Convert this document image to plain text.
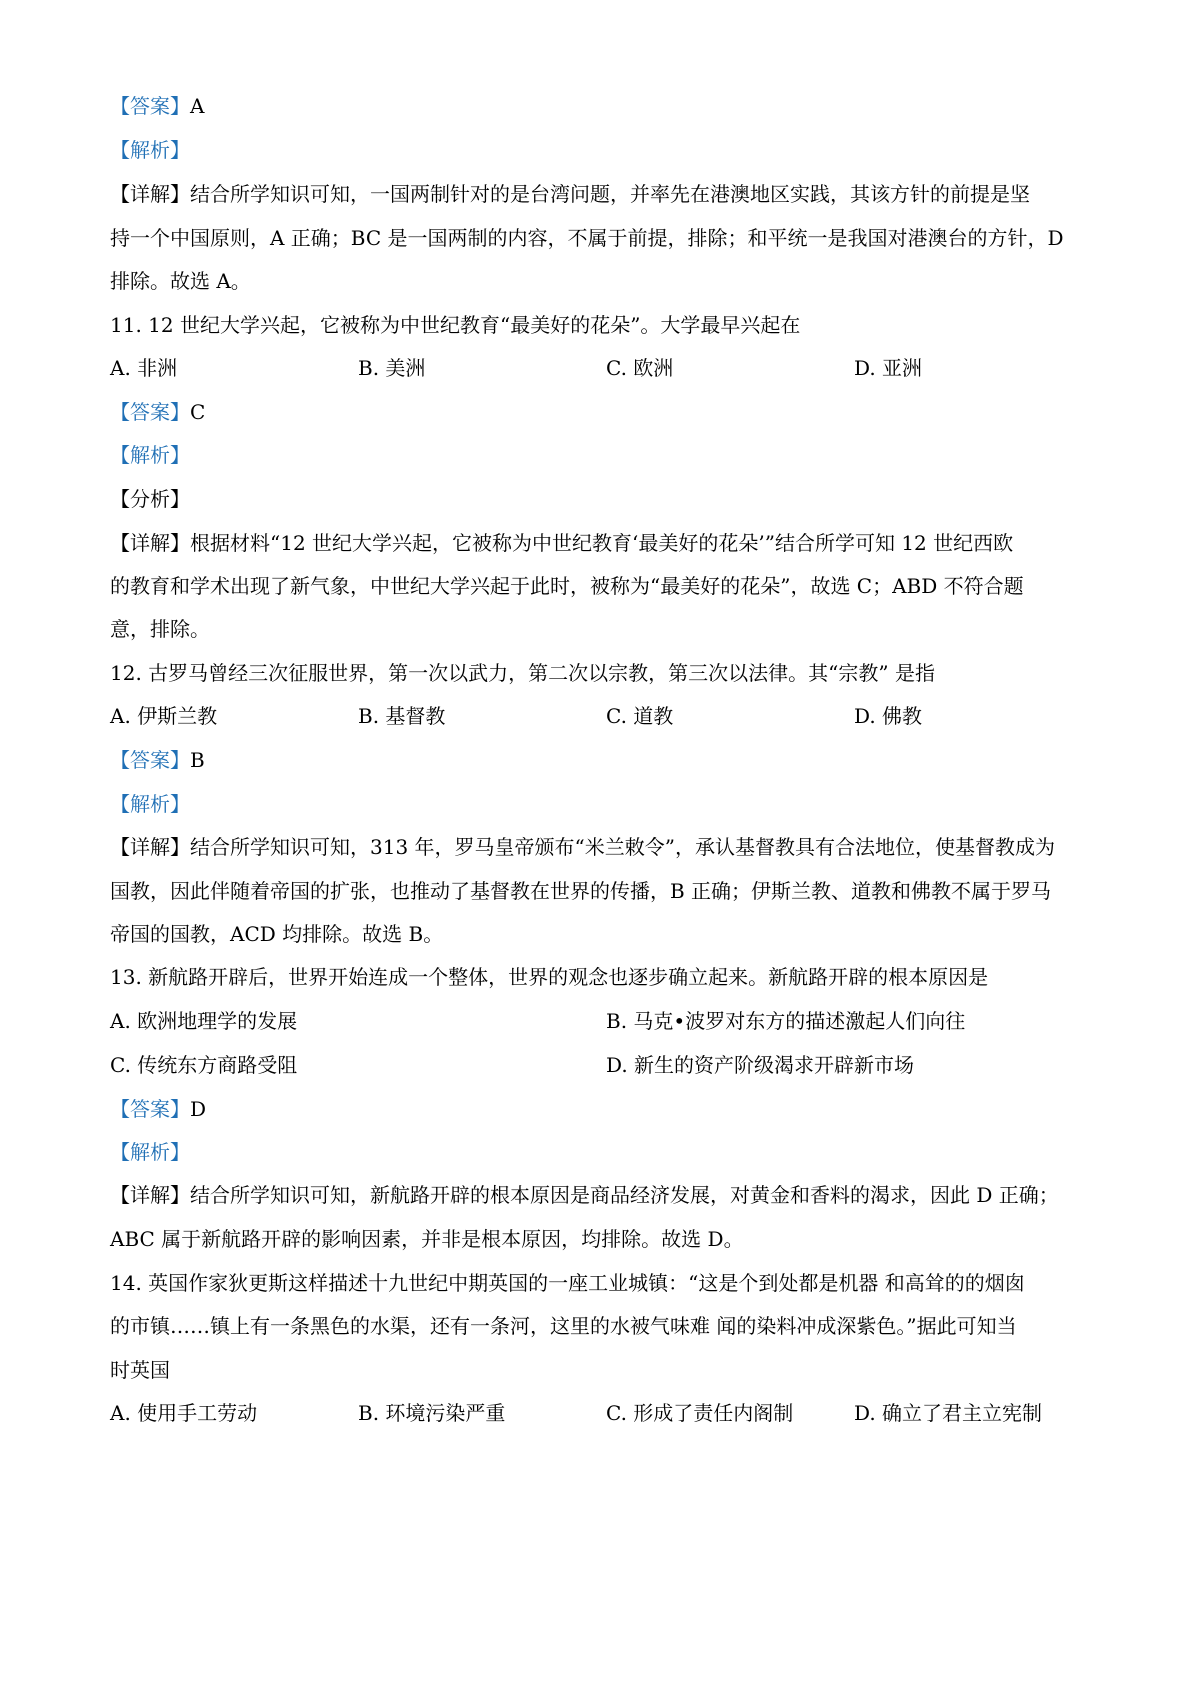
【答案】A
【解析】
【详解】结合所学知识可知，一国两制针对的是台湾问题，并率先在港澳地区实践，其该方针的前提是坚
持一个中国原则，A 正确；BC 是一国两制的内容，不属于前提，排除；和平统一是我国对港澳台的方针，D
排除。故选 A。
11. 12 世纪大学兴起，它被称为中世纪教育“最美好的花朵”。大学最早兴起在
A. 非洲	B. 美洲	C. 欧洲	D. 亚洲
【答案】C
【解析】
【分析】
【详解】根据材料“12 世纪大学兴起，它被称为中世纪教育‘最美好的花朵’”结合所学可知 12 世纪西欧
的教育和学术出现了新气象，中世纪大学兴起于此时，被称为“最美好的花朵”，故选 C；ABD 不符合题
意，排除。
12. 古罗马曾经三次征服世界，第一次以武力，第二次以宗教，第三次以法律。其“宗教” 是指
A. 伊斯兰教	B. 基督教	C. 道教	D. 佛教
【答案】B
【解析】
【详解】结合所学知识可知，313 年，罗马皇帝颁布“米兰敕令”，承认基督教具有合法地位，使基督教成为
国教，因此伴随着帝国的扩张，也推动了基督教在世界的传播，B 正确；伊斯兰教、道教和佛教不属于罗马
帝国的国教，ACD 均排除。故选 B。
13. 新航路开辟后，世界开始连成一个整体，世界的观念也逐步确立起来。新航路开辟的根本原因是
A. 欧洲地理学的发展	B. 马克•波罗对东方的描述激起人们向往
C. 传统东方商路受阻	D. 新生的资产阶级渴求开辟新市场
【答案】D
【解析】
【详解】结合所学知识可知，新航路开辟的根本原因是商品经济发展，对黄金和香料的渴求，因此 D 正确；
ABC 属于新航路开辟的影响因素，并非是根本原因，均排除。故选 D。
14. 英国作家狄更斯这样描述十九世纪中期英国的一座工业城镇：“这是个到处都是机器 和高耸的的烟囱
的市镇……镇上有一条黑色的水渠，还有一条河，这里的水被气味难 闻的染料冲成深紫色。”据此可知当
时英国
A. 使用手工劳动	B. 环境污染严重	C. 形成了责任内阁制	D. 确立了君主立宪制
